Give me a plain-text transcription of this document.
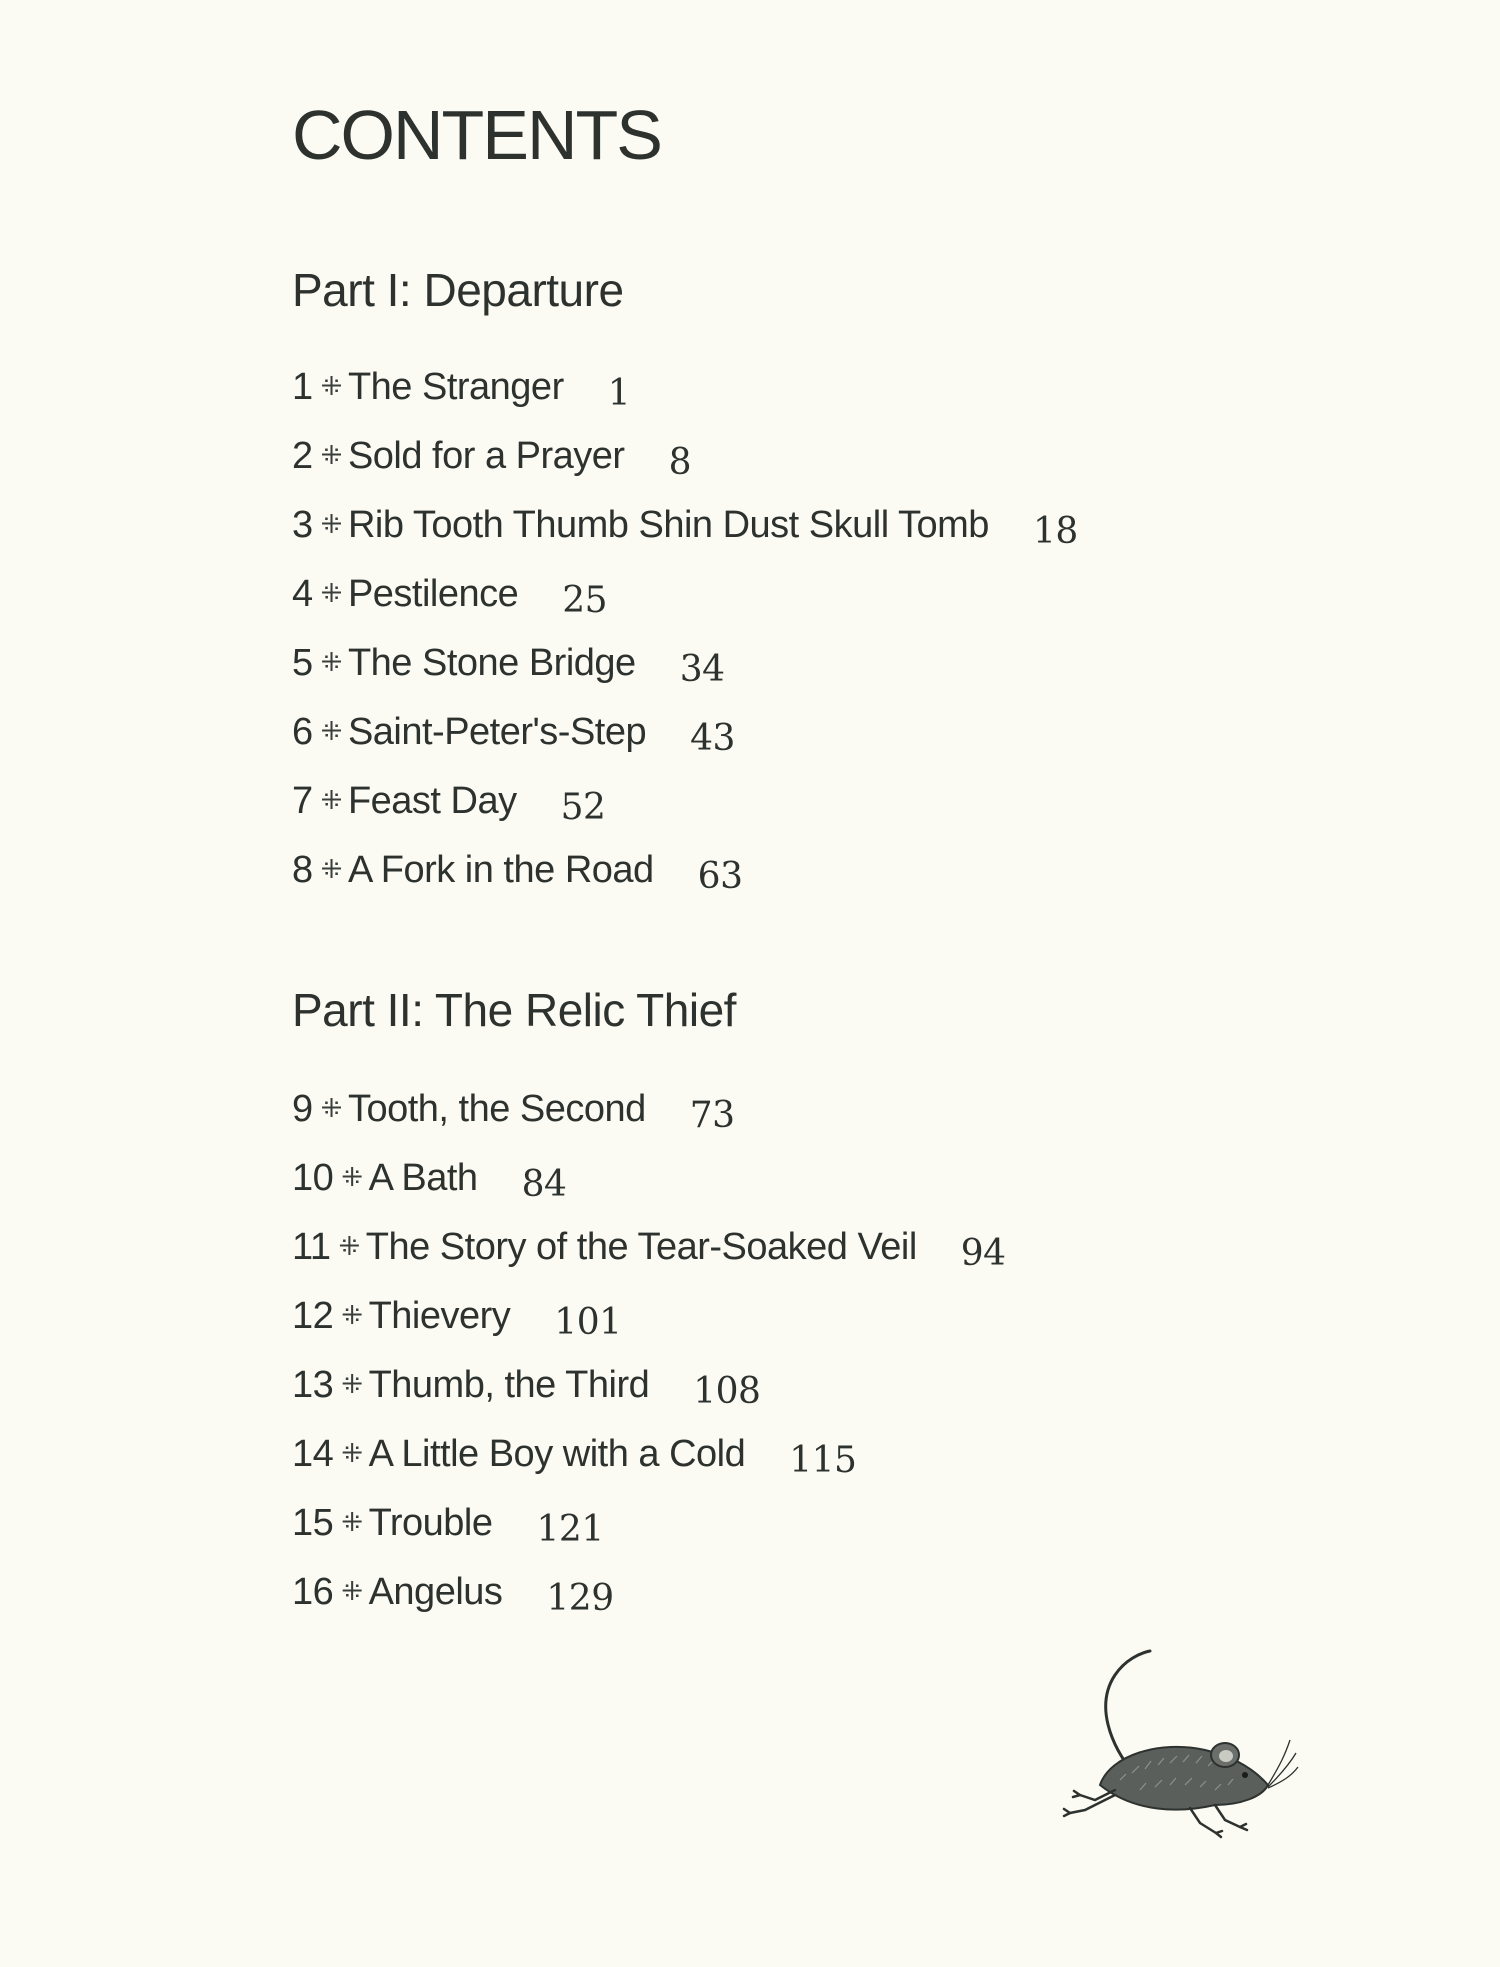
CONTENTS
Part I: Departure
1 ⁜ The Stranger 1
2 ⁜ Sold for a Prayer 8
3 ⁜ Rib Tooth Thumb Shin Dust Skull Tomb 18
4 ⁜ Pestilence 25
5 ⁜ The Stone Bridge 34
6 ⁜ Saint-Peter's-Step 43
7 ⁜ Feast Day 52
8 ⁜ A Fork in the Road 63
Part II: The Relic Thief
9 ⁜ Tooth, the Second 73
10 ⁜ A Bath 84
11 ⁜ The Story of the Tear-Soaked Veil 94
12 ⁜ Thievery 101
13 ⁜ Thumb, the Third 108
14 ⁜ A Little Boy with a Cold 115
15 ⁜ Trouble 121
16 ⁜ Angelus 129
